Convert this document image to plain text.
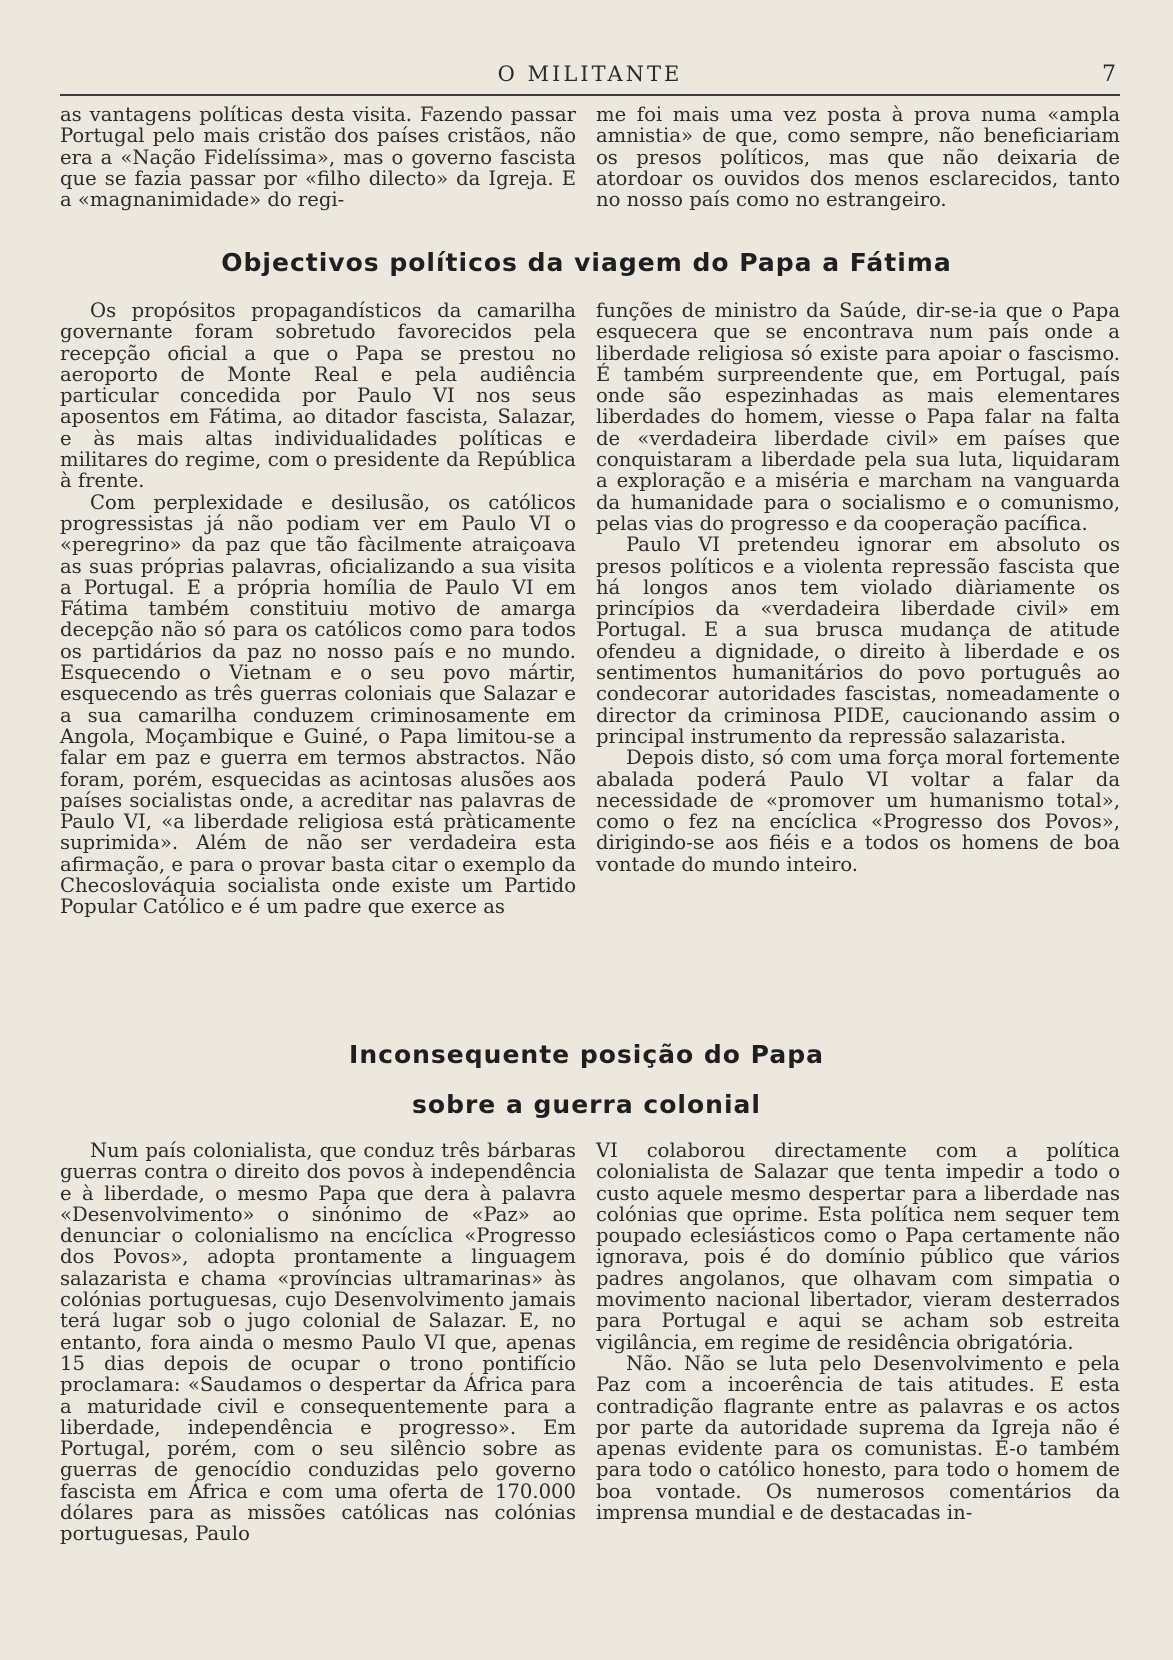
O MILITANTE	7

as vantagens políticas desta visita. Fazendo passar Portugal pelo mais cristão dos países cristãos, não era a «Nação Fidelíssima», mas o governo fascista que se fazia passar por «filho dilecto» da Igreja. E a «magnanimidade» do regi-

me foi mais uma vez posta à prova numa «ampla amnistia» de que, como sempre, não beneficiariam os presos políticos, mas que não deixaria de atordoar os ouvidos dos menos esclarecidos, tanto no nosso país como no estrangeiro.

Objectivos políticos da viagem do Papa a Fátima

Os propósitos propagandísticos da camarilha governante foram sobretudo favorecidos pela recepção oficial a que o Papa se prestou no aeroporto de Monte Real e pela audiência particular concedida por Paulo VI nos seus aposentos em Fátima, ao ditador fascista, Salazar, e às mais altas individualidades políticas e militares do regime, com o presidente da República à frente.

Com perplexidade e desilusão, os católicos progressistas já não podiam ver em Paulo VI o «peregrino» da paz que tão fàcilmente atraiçoava as suas próprias palavras, oficializando a sua visita a Portugal. E a própria homília de Paulo VI em Fátima também constituiu motivo de amarga decepção não só para os católicos como para todos os partidários da paz no nosso país e no mundo. Esquecendo o Vietnam e o seu povo mártir, esquecendo as três guerras coloniais que Salazar e a sua camarilha conduzem criminosamente em Angola, Moçambique e Guiné, o Papa limitou-se a falar em paz e guerra em termos abstractos. Não foram, porém, esquecidas as acintosas alusões aos países socialistas onde, a acreditar nas palavras de Paulo VI, «a liberdade religiosa está pràticamente suprimida». Além de não ser verdadeira esta afirmação, e para o provar basta citar o exemplo da Checoslováquia socialista onde existe um Partido Popular Católico e é um padre que exerce as

funções de ministro da Saúde, dir-se-ia que o Papa esquecera que se encontrava num país onde a liberdade religiosa só existe para apoiar o fascismo. É também surpreendente que, em Portugal, país onde são espezinhadas as mais elementares liberdades do homem, viesse o Papa falar na falta de «verdadeira liberdade civil» em países que conquistaram a liberdade pela sua luta, liquidaram a exploração e a miséria e marcham na vanguarda da humanidade para o socialismo e o comunismo, pelas vias do progresso e da cooperação pacífica.

Paulo VI pretendeu ignorar em absoluto os presos políticos e a violenta repressão fascista que há longos anos tem violado diàriamente os princípios da «verdadeira liberdade civil» em Portugal. E a sua brusca mudança de atitude ofendeu a dignidade, o direito à liberdade e os sentimentos humanitários do povo português ao condecorar autoridades fascistas, nomeadamente o director da criminosa PIDE, caucionando assim o principal instrumento da repressão salazarista.

Depois disto, só com uma força moral fortemente abalada poderá Paulo VI voltar a falar da necessidade de «promover um humanismo total», como o fez na encíclica «Progresso dos Povos», dirigindo-se aos fiéis e a todos os homens de boa vontade do mundo inteiro.

Inconsequente posição do Papa
sobre a guerra colonial

Num país colonialista, que conduz três bárbaras guerras contra o direito dos povos à independência e à liberdade, o mesmo Papa que dera à palavra «Desenvolvimento» o sinónimo de «Paz» ao denunciar o colonialismo na encíclica «Progresso dos Povos», adopta prontamente a linguagem salazarista e chama «províncias ultramarinas» às colónias portuguesas, cujo Desenvolvimento jamais terá lugar sob o jugo colonial de Salazar. E, no entanto, fora ainda o mesmo Paulo VI que, apenas 15 dias depois de ocupar o trono pontifício proclamara: «Saudamos o despertar da África para a maturidade civil e consequentemente para a liberdade, independência e progresso». Em Portugal, porém, com o seu silêncio sobre as guerras de genocídio conduzidas pelo governo fascista em África e com uma oferta de 170.000 dólares para as missões católicas nas colónias portuguesas, Paulo

VI colaborou directamente com a política colonialista de Salazar que tenta impedir a todo o custo aquele mesmo despertar para a liberdade nas colónias que oprime. Esta política nem sequer tem poupado eclesiásticos como o Papa certamente não ignorava, pois é do domínio público que vários padres angolanos, que olhavam com simpatia o movimento nacional libertador, vieram desterrados para Portugal e aqui se acham sob estreita vigilância, em regime de residência obrigatória.

Não. Não se luta pelo Desenvolvimento e pela Paz com a incoerência de tais atitudes. E esta contradição flagrante entre as palavras e os actos por parte da autoridade suprema da Igreja não é apenas evidente para os comunistas. É-o também para todo o católico honesto, para todo o homem de boa vontade. Os numerosos comentários da imprensa mundial e de destacadas in-
